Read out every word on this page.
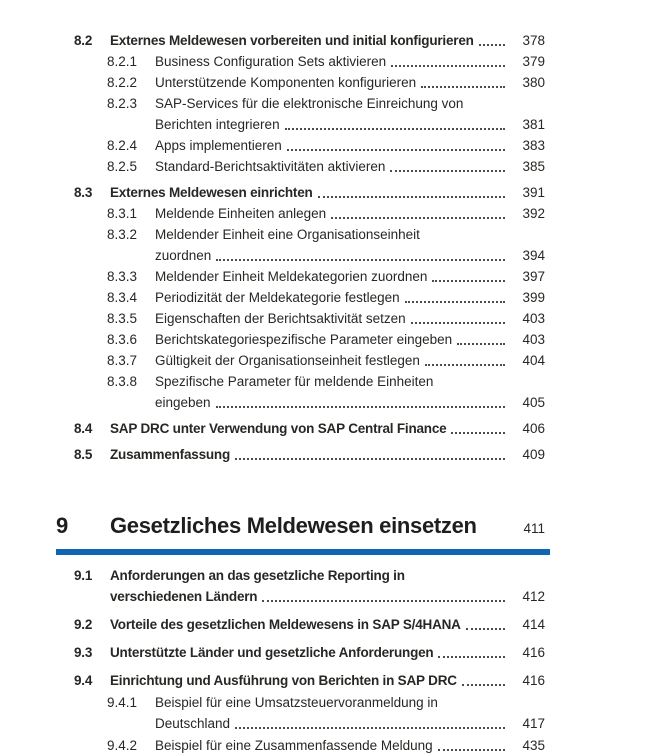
8.2	Externes Meldewesen vorbereiten und initial konfigurieren	378
8.2.1	Business Configuration Sets aktivieren	379
8.2.2	Unterstützende Komponenten konfigurieren	380
8.2.3	SAP-Services für die elektronische Einreichung von
Berichten integrieren	381
8.2.4	Apps implementieren	383
8.2.5	Standard-Berichtsaktivitäten aktivieren	385
8.3	Externes Meldewesen einrichten	391
8.3.1	Meldende Einheiten anlegen	392
8.3.2	Meldender Einheit eine Organisationseinheit
zuordnen	394
8.3.3	Meldender Einheit Meldekategorien zuordnen	397
8.3.4	Periodizität der Meldekategorie festlegen	399
8.3.5	Eigenschaften der Berichtsaktivität setzen	403
8.3.6	Berichtskategoriespezifische Parameter eingeben	403
8.3.7	Gültigkeit der Organisationseinheit festlegen	404
8.3.8	Spezifische Parameter für meldende Einheiten
eingeben	405
8.4	SAP DRC unter Verwendung von SAP Central Finance	406
8.5	Zusammenfassung	409
9	Gesetzliches Meldewesen einsetzen	411
9.1	Anforderungen an das gesetzliche Reporting in
verschiedenen Ländern	412
9.2	Vorteile des gesetzlichen Meldewesens in SAP S/4HANA	414
9.3	Unterstützte Länder und gesetzliche Anforderungen	416
9.4	Einrichtung und Ausführung von Berichten in SAP DRC	416
9.4.1	Beispiel für eine Umsatzsteuervoranmeldung in
Deutschland	417
9.4.2	Beispiel für eine Zusammenfassende Meldung	435
